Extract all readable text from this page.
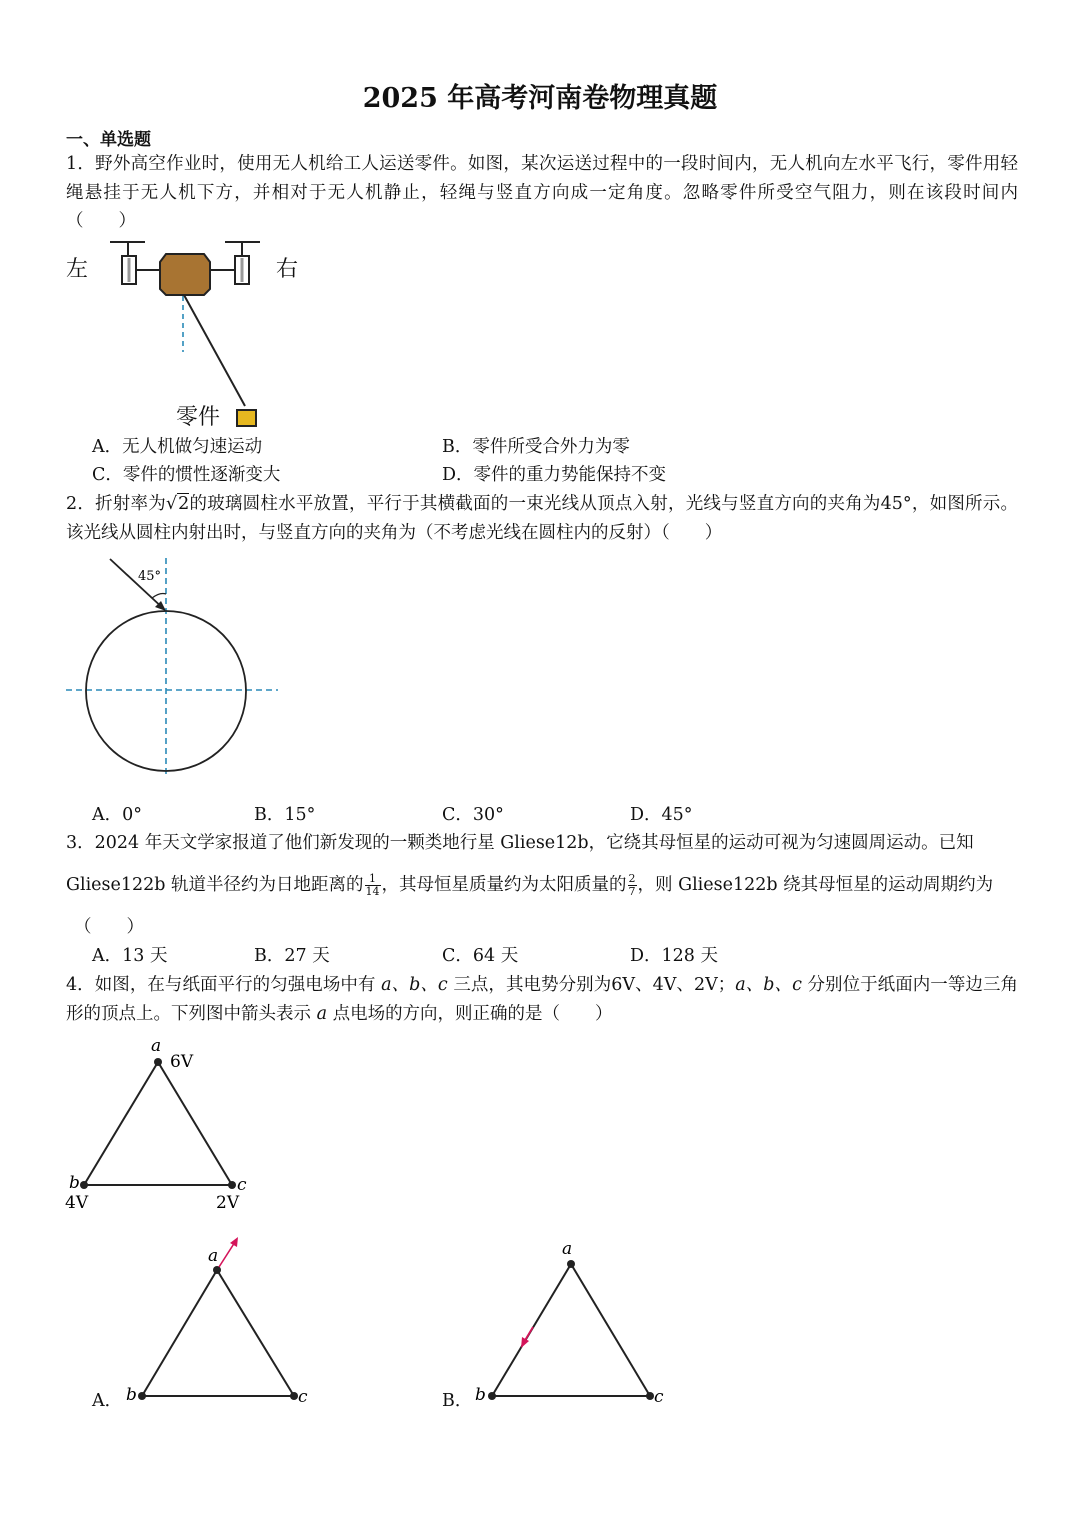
2025 年高考河南卷物理真题
一、单选题
1．野外高空作业时，使用无人机给工人运送零件。如图，某次运送过程中的一段时间内，无人机向左水平飞行，零件用轻绳悬挂于无人机下方，并相对于无人机静止，轻绳与竖直方向成一定角度。忽略零件所受空气阻力，则在该段时间内（　　）
左	右
零件
A．无人机做匀速运动	B．零件所受合外力为零
C．零件的惯性逐渐变大	D．零件的重力势能保持不变
2．折射率为√2的玻璃圆柱水平放置，平行于其横截面的一束光线从顶点入射，光线与竖直方向的夹角为45°，如图所示。该光线从圆柱内射出时，与竖直方向的夹角为（不考虑光线在圆柱内的反射）（　　）
45°
A．0°	B．15°	C．30°	D．45°
3．2024 年天文学家报道了他们新发现的一颗类地行星 Gliese12b，它绕其母恒星的运动可视为匀速圆周运动。已知
Gliese122b 轨道半径约为日地距离的 $\frac{1}{14}$ ，其母恒星质量约为太阳质量的 $\frac{2}{7}$ ，则 Gliese122b 绕其母恒星的运动周期约为
（　　）
A．13 天	B．27 天	C．64 天	D．128 天
4．如图，在与纸面平行的匀强电场中有 a、b、c 三点，其电势分别为6V、4V、2V；a、b、c 分别位于纸面内一等边三角形的顶点上。下列图中箭头表示 a 点电场的方向，则正确的是（　　）
a
6V
b
4V
c
2V
A．
a
b	c	B．
a
b	c
